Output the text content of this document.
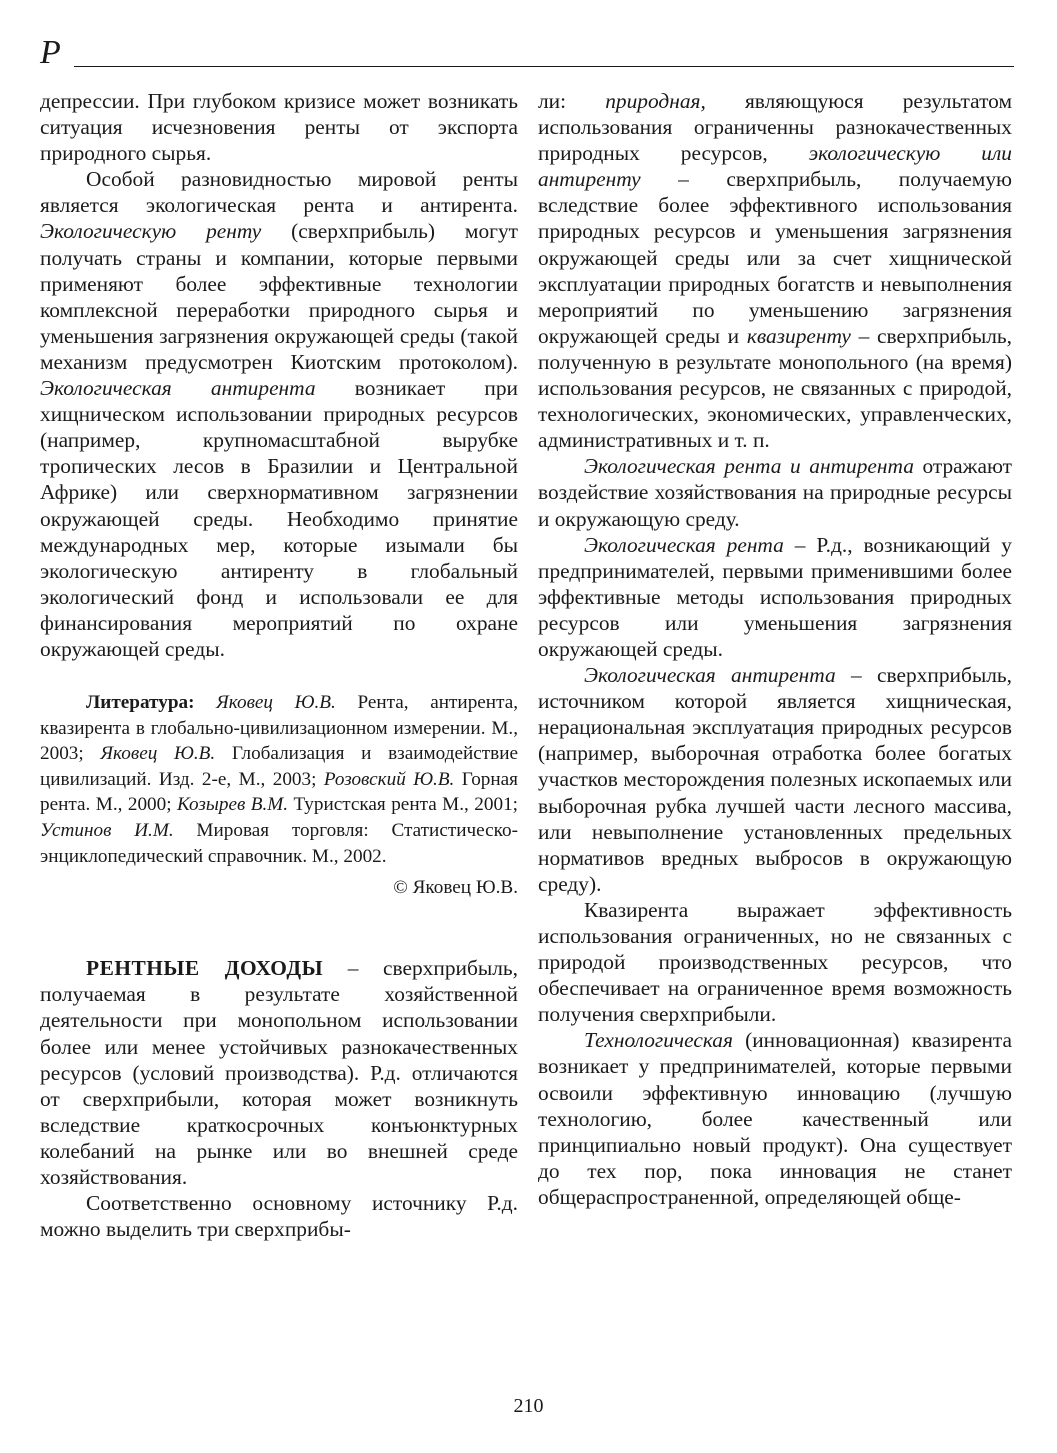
Р

депрессии. При глубоком кризисе может возникать ситуация исчезновения ренты от экспорта природного сырья.

Особой разновидностью мировой ренты является экологическая рента и антирента. Экологическую ренту (сверхприбыль) могут получать страны и компании, которые первыми применяют более эффективные технологии комплексной переработки природного сырья и уменьшения загрязнения окружающей среды (такой механизм предусмотрен Киотским протоколом). Экологическая антирента возникает при хищническом использовании природных ресурсов (например, крупномасштабной вырубке тропических лесов в Бразилии и Центральной Африке) или сверхнормативном загрязнении окружающей среды. Необходимо принятие международных мер, которые изымали бы экологическую антиренту в глобальный экологический фонд и использовали ее для финансирования мероприятий по охране окружающей среды.

Литература: Яковец Ю.В. Рента, антирента, квазирента в глобально-цивилизационном измерении. М., 2003; Яковец Ю.В. Глобализация и взаимодействие цивилизаций. Изд. 2-е, М., 2003; Розовский Ю.В. Горная рента. М., 2000; Козырев В.М. Туристская рента М., 2001; Устинов И.М. Мировая торговля: Статистическо-энциклопедический справочник. М., 2002.

© Яковец Ю.В.

РЕНТНЫЕ ДОХОДЫ – сверхприбыль, получаемая в результате хозяйственной деятельности при монопольном использовании более или менее устойчивых разнокачественных ресурсов (условий производства). Р.д. отличаются от сверхприбыли, которая может возникнуть вследствие краткосрочных конъюнктурных колебаний на рынке или во внешней среде хозяйствования.

Соответственно основному источнику Р.д. можно выделить три сверхприбы-

ли: природная, являющуюся результатом использования ограниченны разнокачественных природных ресурсов, экологическую или антиренту – сверхприбыль, получаемую вследствие более эффективного использования природных ресурсов и уменьшения загрязнения окружающей среды или за счет хищнической эксплуатации природных богатств и невыполнения мероприятий по уменьшению загрязнения окружающей среды и квазиренту – сверхприбыль, полученную в результате монопольного (на время) использования ресурсов, не связанных с природой, технологических, экономических, управленческих, административных и т. п.

Экологическая рента и антирента отражают воздействие хозяйствования на природные ресурсы и окружающую среду.

Экологическая рента – Р.д., возникающий у предпринимателей, первыми применившими более эффективные методы использования природных ресурсов или уменьшения загрязнения окружающей среды.

Экологическая антирента – сверхприбыль, источником которой является хищническая, нерациональная эксплуатация природных ресурсов (например, выборочная отработка более богатых участков месторождения полезных ископаемых или выборочная рубка лучшей части лесного массива, или невыполнение установленных предельных нормативов вредных выбросов в окружающую среду).

Квазирента выражает эффективность использования ограниченных, но не связанных с природой производственных ресурсов, что обеспечивает на ограниченное время возможность получения сверхприбыли.

Технологическая (инновационная) квазирента возникает у предпринимателей, которые первыми освоили эффективную инновацию (лучшую технологию, более качественный или принципиально новый продукт). Она существует до тех пор, пока инновация не станет общераспространенной, определяющей обще-

210
